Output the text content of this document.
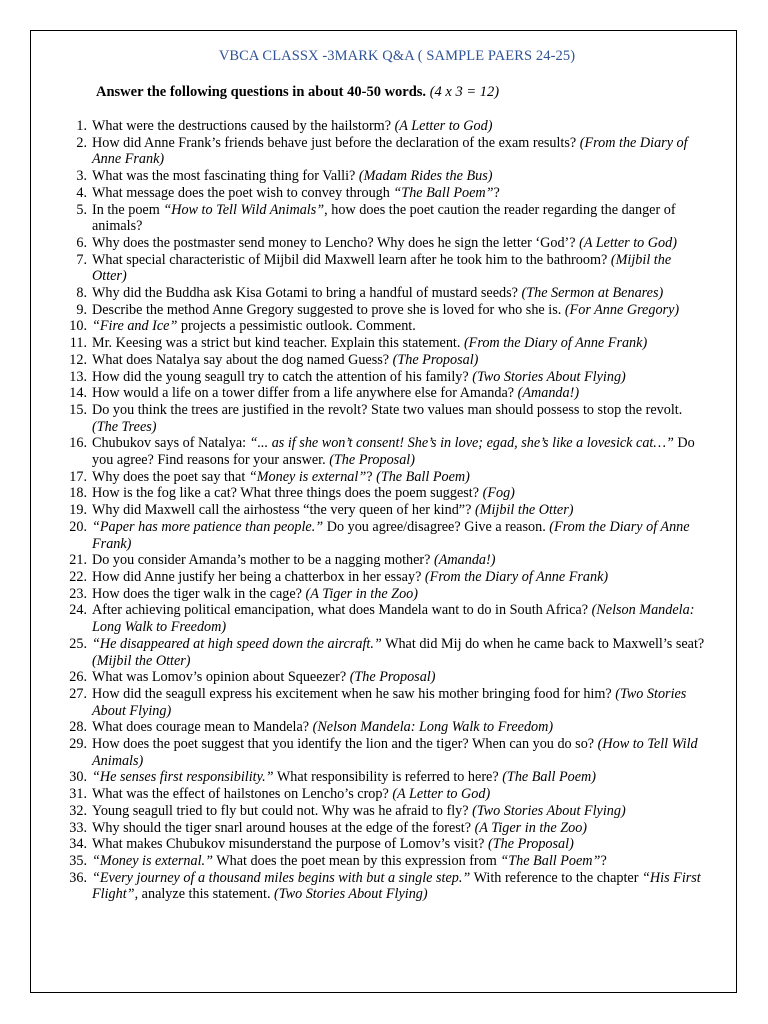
VBCA CLASSX -3MARK Q&A ( SAMPLE PAERS 24-25)
Answer the following questions in about 40-50 words. (4 x 3 = 12)
1. What were the destructions caused by the hailstorm? (A Letter to God)
2. How did Anne Frank’s friends behave just before the declaration of the exam results? (From the Diary of Anne Frank)
3. What was the most fascinating thing for Valli? (Madam Rides the Bus)
4. What message does the poet wish to convey through “The Ball Poem”?
5. In the poem “How to Tell Wild Animals”, how does the poet caution the reader regarding the danger of animals?
6. Why does the postmaster send money to Lencho? Why does he sign the letter ‘God’? (A Letter to God)
7. What special characteristic of Mijbil did Maxwell learn after he took him to the bathroom? (Mijbil the Otter)
8. Why did the Buddha ask Kisa Gotami to bring a handful of mustard seeds? (The Sermon at Benares)
9. Describe the method Anne Gregory suggested to prove she is loved for who she is. (For Anne Gregory)
10. “Fire and Ice” projects a pessimistic outlook. Comment.
11. Mr. Keesing was a strict but kind teacher. Explain this statement. (From the Diary of Anne Frank)
12. What does Natalya say about the dog named Guess? (The Proposal)
13. How did the young seagull try to catch the attention of his family? (Two Stories About Flying)
14. How would a life on a tower differ from a life anywhere else for Amanda? (Amanda!)
15. Do you think the trees are justified in the revolt? State two values man should possess to stop the revolt. (The Trees)
16. Chubukov says of Natalya: “... as if she won’t consent! She’s in love; egad, she’s like a lovesick cat…” Do you agree? Find reasons for your answer. (The Proposal)
17. Why does the poet say that “Money is external”? (The Ball Poem)
18. How is the fog like a cat? What three things does the poem suggest? (Fog)
19. Why did Maxwell call the airhostess “the very queen of her kind”? (Mijbil the Otter)
20. “Paper has more patience than people.” Do you agree/disagree? Give a reason. (From the Diary of Anne Frank)
21. Do you consider Amanda’s mother to be a nagging mother? (Amanda!)
22. How did Anne justify her being a chatterbox in her essay? (From the Diary of Anne Frank)
23. How does the tiger walk in the cage? (A Tiger in the Zoo)
24. After achieving political emancipation, what does Mandela want to do in South Africa? (Nelson Mandela: Long Walk to Freedom)
25. “He disappeared at high speed down the aircraft.” What did Mij do when he came back to Maxwell’s seat? (Mijbil the Otter)
26. What was Lomov’s opinion about Squeezer? (The Proposal)
27. How did the seagull express his excitement when he saw his mother bringing food for him? (Two Stories About Flying)
28. What does courage mean to Mandela? (Nelson Mandela: Long Walk to Freedom)
29. How does the poet suggest that you identify the lion and the tiger? When can you do so? (How to Tell Wild Animals)
30. “He senses first responsibility.” What responsibility is referred to here? (The Ball Poem)
31. What was the effect of hailstones on Lencho’s crop? (A Letter to God)
32. Young seagull tried to fly but could not. Why was he afraid to fly? (Two Stories About Flying)
33. Why should the tiger snarl around houses at the edge of the forest? (A Tiger in the Zoo)
34. What makes Chubukov misunderstand the purpose of Lomov’s visit? (The Proposal)
35. “Money is external.” What does the poet mean by this expression from “The Ball Poem”?
36. “Every journey of a thousand miles begins with but a single step.” With reference to the chapter “His First Flight”, analyze this statement. (Two Stories About Flying)
